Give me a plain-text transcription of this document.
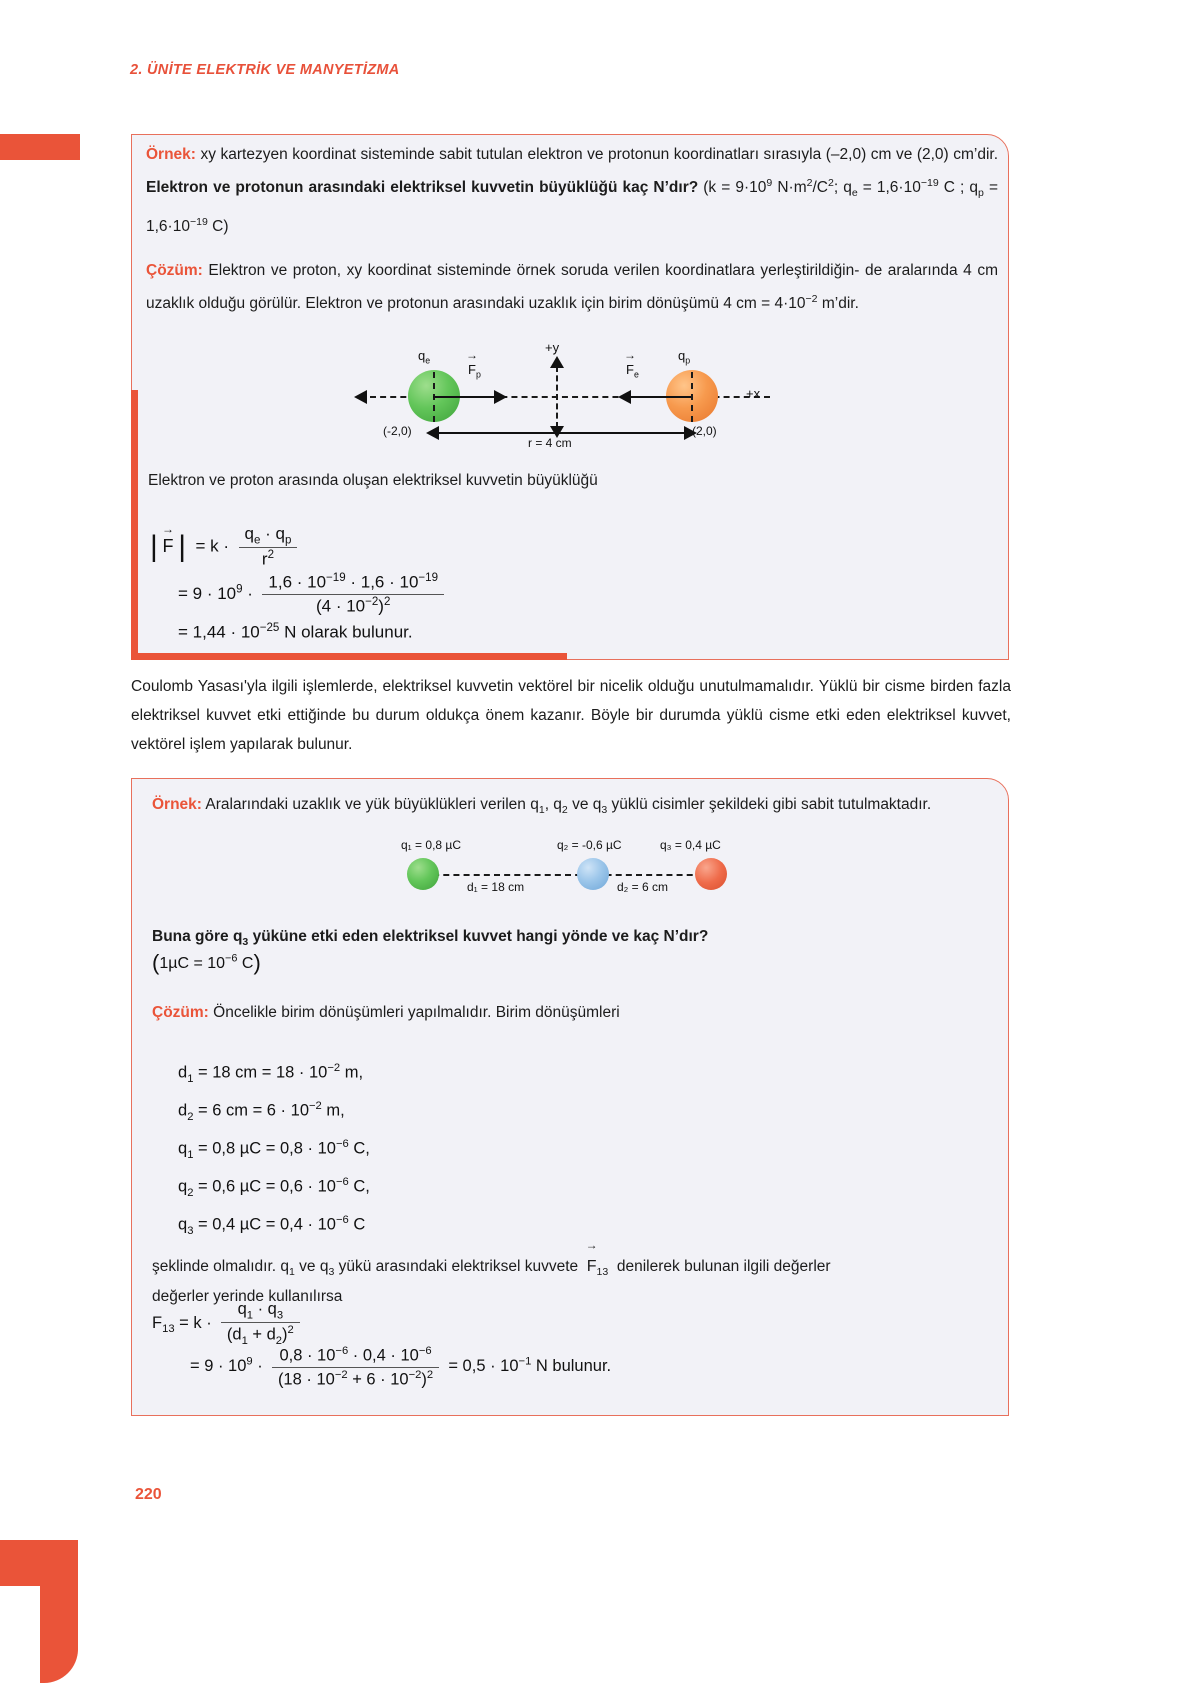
2. ÜNİTE ELEKTRİK VE MANYETİZMA
Örnek: xy kartezyen koordinat sisteminde sabit tutulan elektron ve protonun koordinatları sırasıyla (–2,0) cm ve (2,0) cm’dir. Elektron ve protonun arasındaki elektriksel kuvvetin büyüklüğü kaç N’dır? ($k = 9\cdot 10^9$ $N\cdot m^2/C^2$; $q_e = 1,6\cdot 10^{-19}$ C ; $q_p = 1,6\cdot 10^{-19}$ C)
Çözüm: Elektron ve proton, xy koordinat sisteminde örnek soruda verilen koordinatlara yerleştirildiğin- de aralarında 4 cm uzaklık olduğu görülür. Elektron ve protonun arasındaki uzaklık için birim dönüşümü 4 cm = $4\cdot 10^{-2}$ m’dir.
+x
+y
$q_e$	$q_p$
$F \to_p$	$F \to_e$
r = 4 cm
(-2,0)	(2,0)
Elektron ve proton arasında oluşan elektriksel kuvvetin büyüklüğü
| F → |  = $k \cdot \frac{q_e \cdot q_p}{r^2}$
= $9 \cdot 10^9 \cdot \frac{1,6 \cdot 10^{-19} \cdot 1,6 \cdot 10^{-19}}{(4 \cdot 10^{-2})^2}$
= $1,44 \cdot 10^{-25}$ N olarak bulunur.
Coulomb Yasası'yla ilgili işlemlerde, elektriksel kuvvetin vektörel bir nicelik olduğu unutulmamalıdır. Yüklü bir cisme birden fazla elektriksel kuvvet etki ettiğinde bu durum oldukça önem kazanır. Böyle bir durumda yüklü cisme etki eden elektriksel kuvvet, vektörel işlem yapılarak bulunur.
Örnek: Aralarındaki uzaklık ve yük büyüklükleri verilen $q_1$, $q_2$ ve $q_3$ yüklü cisimler şekildeki gibi sabit tutulmaktadır.
q₁ = 0,8 µC	q₂ = -0,6 µC	q₃ = 0,4 µC
d₁ = 18 cm	d₂ = 6 cm
Buna göre $q_3$ yüküne etki eden elektriksel kuvvet hangi yönde ve kaç N’dır?
($1\mu C = 10^{-6}$ C)
Çözüm: Öncelikle birim dönüşümleri yapılmalıdır. Birim dönüşümleri
$d_1 = 18$ cm = $18 \cdot 10^{-2}$ m,
$d_2 = 6$ cm = $6 \cdot 10^{-2}$ m,
$q_1 = 0,8$ $\mu C = 0,8 \cdot 10^{-6}$ C,
$q_2 = 0,6$ $\mu C = 0,6 \cdot 10^{-6}$ C,
$q_3 = 0,4$ $\mu C = 0,4 \cdot 10^{-6}$ C
şeklinde olmalıdır. $q_1$ ve $q_3$ yükü arasındaki elektriksel kuvvete  $F \to_{13}$  denilerek bulunan ilgili değerler
değerler yerinde kullanılırsa
$F_{13} = k \cdot \frac{q_1 \cdot q_3}{(d_1 + d_2)^2}$
= $9 \cdot 10^9 \cdot \frac{0,8 \cdot 10^{-6} \cdot 0,4 \cdot 10^{-6}}{(18 \cdot 10^{-2} + 6 \cdot 10^{-2})^2} = 0,5 \cdot 10^{-1}$ N bulunur.
220
